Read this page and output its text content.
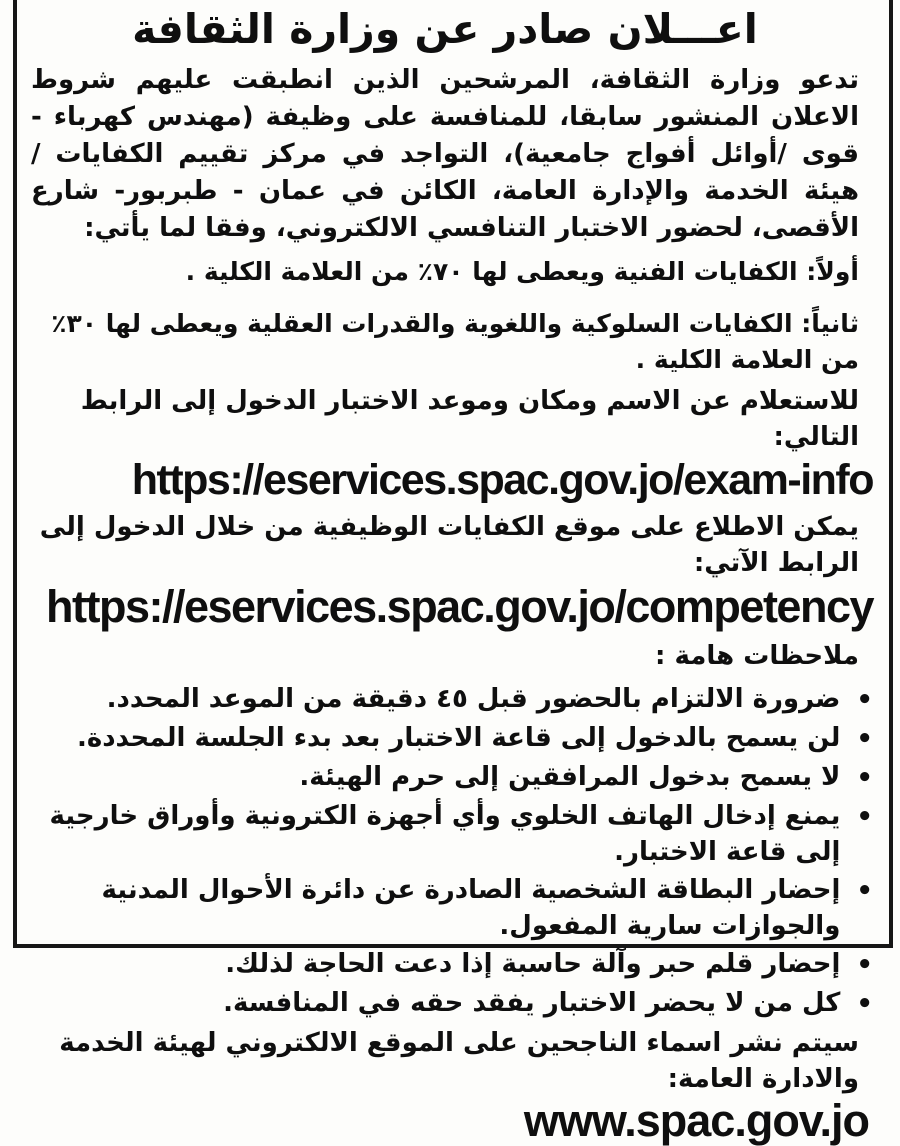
اعـــلان صادر عن وزارة الثقافة

تدعو وزارة الثقافة، المرشحين الذين انطبقت عليهم شروط الاعلان المنشور سابقا، للمنافسة على وظيفة (مهندس كهرباء - قوى /أوائل أفواج جامعية)، التواجد في مركز تقييم الكفايات / هيئة الخدمة والإدارة العامة، الكائن في عمان - طبربور- شارع الأقصى، لحضور الاختبار التنافسي الالكتروني، وفقا لما يأتي:

أولاً: الكفايات الفنية ويعطى لها ٧٠٪ من العلامة الكلية .

ثانياً: الكفايات السلوكية واللغوية والقدرات العقلية ويعطى لها ٣٠٪ من العلامة الكلية .

للاستعلام عن الاسم ومكان وموعد الاختبار الدخول إلى الرابط التالي:

https://eservices.spac.gov.jo/exam-info

يمكن الاطلاع على موقع الكفايات الوظيفية من خلال الدخول إلى الرابط الآتي:

https://eservices.spac.gov.jo/competency

ملاحظات هامة :

•
ضرورة الالتزام بالحضور قبل ٤٥ دقيقة من الموعد المحدد.
•
لن يسمح بالدخول إلى قاعة الاختبار بعد بدء الجلسة المحددة.
•
لا يسمح بدخول المرافقين إلى حرم الهيئة.
•
يمنع إدخال الهاتف الخلوي وأي أجهزة الكترونية وأوراق خارجية إلى قاعة الاختبار.
•
إحضار البطاقة الشخصية الصادرة عن دائرة الأحوال المدنية والجوازات سارية المفعول.
•
إحضار قلم حبر وآلة حاسبة إذا دعت الحاجة لذلك.
•
كل من لا يحضر الاختبار يفقد حقه في المنافسة.

سيتم نشر اسماء الناجحين على الموقع الالكتروني لهيئة الخدمة والادارة العامة:

www.spac.gov.jo
